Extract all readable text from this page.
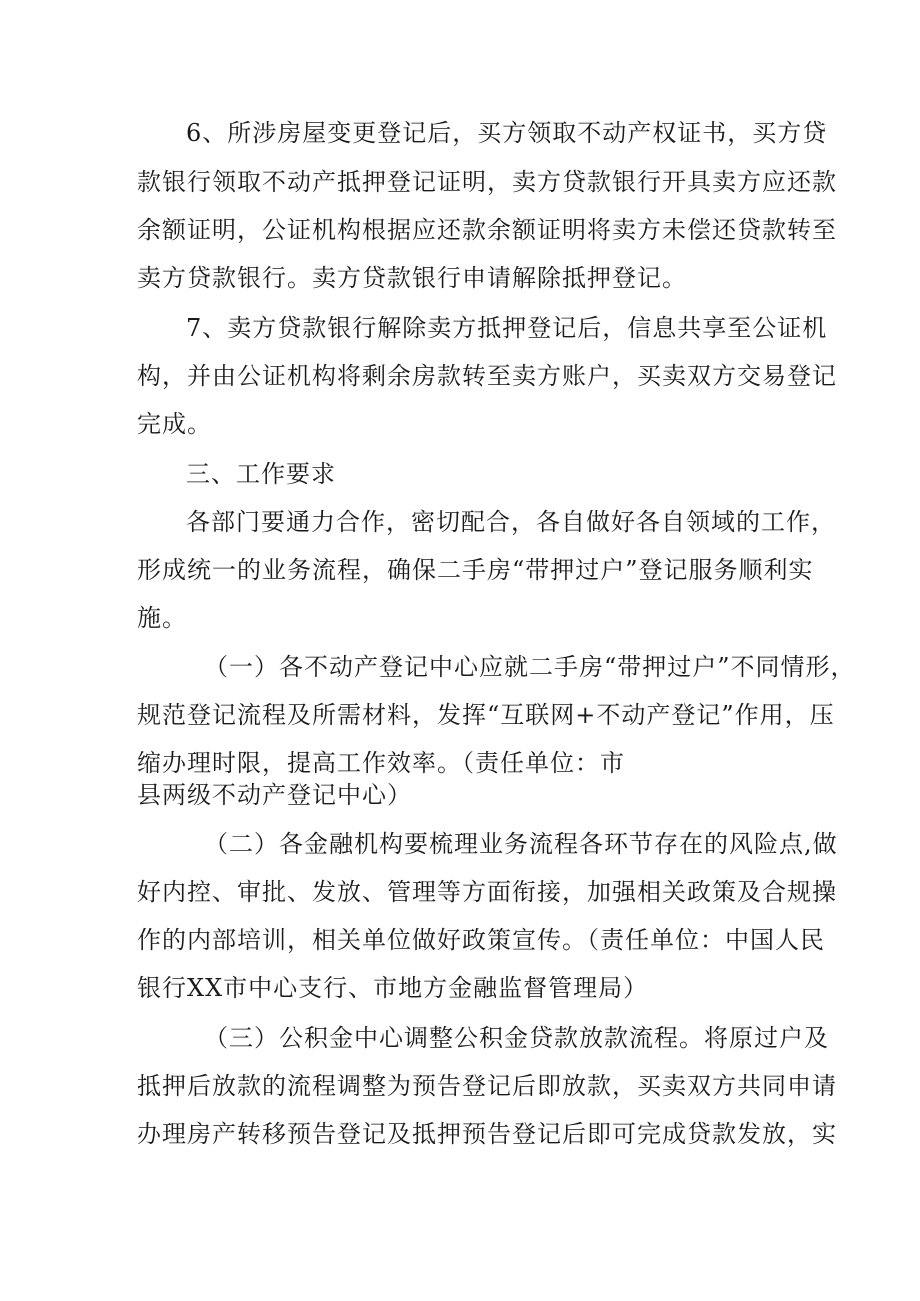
6、所涉房屋变更登记后，买方领取不动产权证书，买方贷
款银行领取不动产抵押登记证明，卖方贷款银行开具卖方应还款
余额证明，公证机构根据应还款余额证明将卖方未偿还贷款转至
卖方贷款银行。卖方贷款银行申请解除抵押登记。
7、卖方贷款银行解除卖方抵押登记后，信息共享至公证机
构，并由公证机构将剩余房款转至卖方账户，买卖双方交易登记
完成。
三、工作要求
各部门要通力合作，密切配合，各自做好各自领域的工作，
形成统一的业务流程，确保二手房“带押过户”登记服务顺利实
施。
（一）各不动产登记中心应就二手房“带押过户”不同情形，
规范登记流程及所需材料，发挥“互联网+不动产登记”作用，压
缩办理时限，提高工作效率。（责任单位：市
县两级不动产登记中心）
（二）各金融机构要梳理业务流程各环节存在的风险点,做
好内控、审批、发放、管理等方面衔接，加强相关政策及合规操
作的内部培训，相关单位做好政策宣传。（责任单位：中国人民
银行XX市中心支行、市地方金融监督管理局）
（三）公积金中心调整公积金贷款放款流程。将原过户及
抵押后放款的流程调整为预告登记后即放款，买卖双方共同申请
办理房产转移预告登记及抵押预告登记后即可完成贷款发放，实
